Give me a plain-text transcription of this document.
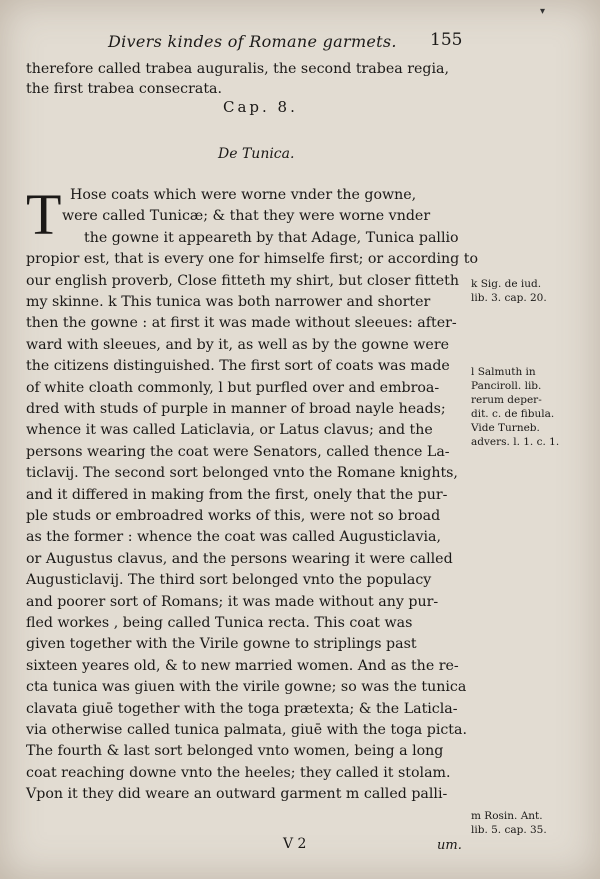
▾
Divers kindes of Romane garmets.	155
therefore called trabea auguralis, the second trabea regia,
the first trabea consecrata.
Cap. 8.
De Tunica.
T Hose coats which were worne vnder the gowne,
were called Tunicæ; & that they were worne vnder
the gowne it appeareth by that Adage, Tunica pallio
propior est, that is every one for himselfe first; or according to
our english proverb, Close fitteth my shirt, but closer fitteth
my skinne. k This tunica was both narrower and shorter
then the gowne : at first it was made without sleeues: after-
ward with sleeues, and by it, as well as by the gowne were
the citizens distinguished. The first sort of coats was made
of white cloath commonly, l but purfled over and embroa-
dred with studs of purple in manner of broad nayle heads;
whence it was called Laticlavia, or Latus clavus; and the
persons wearing the coat were Senators, called thence La-
ticlavij. The second sort belonged vnto the Romane knights,
and it differed in making from the first, onely that the pur-
ple studs or embroadred works of this, were not so broad
as the former : whence the coat was called Augusticlavia,
or Augustus clavus, and the persons wearing it were called
Augusticlavij. The third sort belonged vnto the populacy
and poorer sort of Romans; it was made without any pur-
fled workes , being called Tunica recta. This coat was
given together with the Virile gowne to striplings past
sixteen yeares old, & to new married women. And as the re-
cta tunica was giuen with the virile gowne; so was the tunica
clavata giuē together with the toga prætexta; & the Laticla-
via otherwise called tunica palmata, giuē with the toga picta.
The fourth & last sort belonged vnto women, being a long
coat reaching downe vnto the heeles; they called it stolam.
Vpon it they did weare an outward garment m called palli-
k Sig. de iud.
lib. 3. cap. 20.
l Salmuth in
Panciroll. lib.
rerum deper-
dit. c. de fibula.
Vide Turneb.
advers. l. 1. c. 1.
m Rosin. Ant.
lib. 5. cap. 35.
V 2	um.
